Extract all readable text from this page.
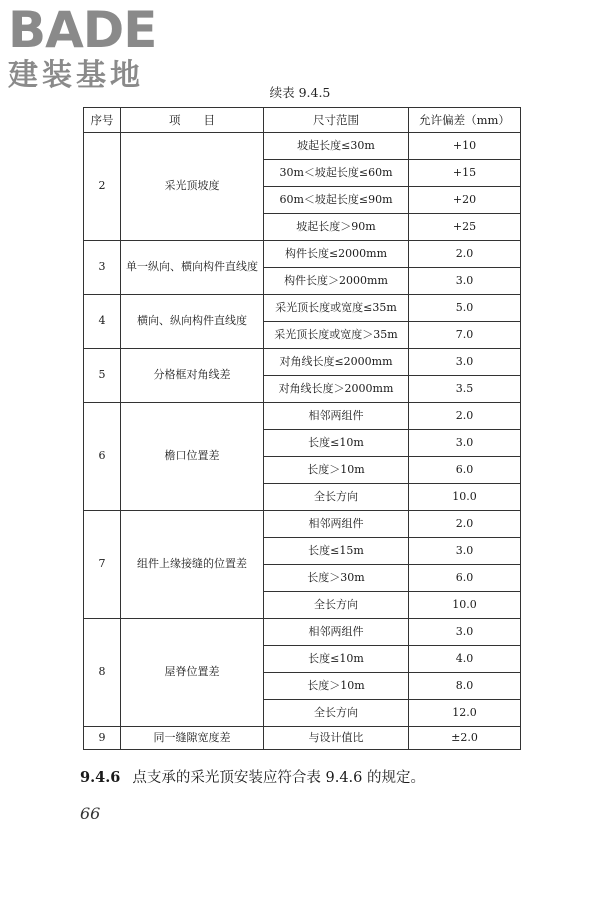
BADE
建装基地	续表 9.4.5
序号	项　　目	尺寸范围	允许偏差（mm）
2	采光顶坡度	坡起长度≤30m	+10
		30m＜坡起长度≤60m	+15
		60m＜坡起长度≤90m	+20
		坡起长度＞90m	+25
3	单一纵向、横向构件直线度	构件长度≤2000mm	2.0
		构件长度＞2000mm	3.0
4	横向、纵向构件直线度	采光顶长度或宽度≤35m	5.0
		采光顶长度或宽度＞35m	7.0
5	分格框对角线差	对角线长度≤2000mm	3.0
		对角线长度＞2000mm	3.5
6	檐口位置差	相邻两组件	2.0
		长度≤10m	3.0
		长度＞10m	6.0
		全长方向	10.0
7	组件上缘接缝的位置差	相邻两组件	2.0
		长度≤15m	3.0
		长度＞30m	6.0
		全长方向	10.0
8	屋脊位置差	相邻两组件	3.0
		长度≤10m	4.0
		长度＞10m	8.0
		全长方向	12.0
9	同一缝隙宽度差	与设计值比	±2.0
9.4.6 点支承的采光顶安装应符合表 9.4.6 的规定。
66
